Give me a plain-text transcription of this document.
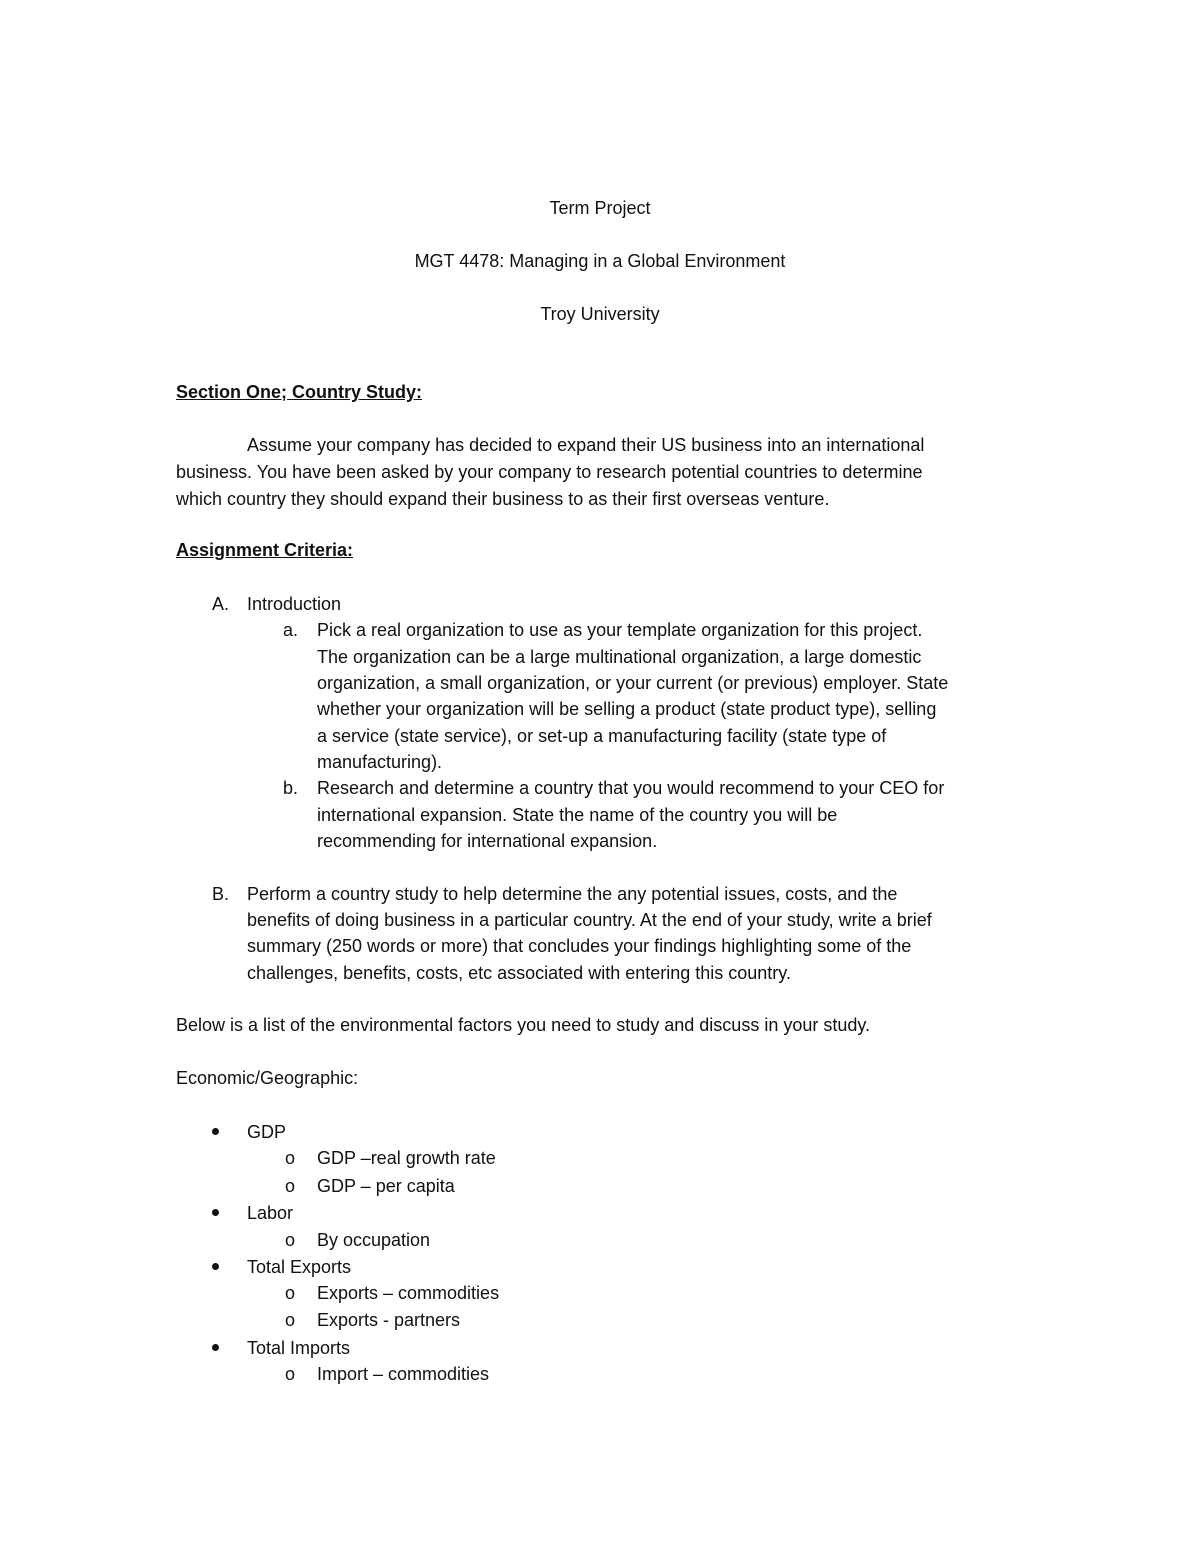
Term Project
MGT 4478: Managing in a Global Environment
Troy University
Section One; Country Study:
Assume your company has decided to expand their US business into an international
business. You have been asked by your company to research potential countries to determine
which country they should expand their business to as their first overseas venture.
Assignment Criteria:
A. Introduction
a. Pick a real organization to use as your template organization for this project.
The organization can be a large multinational organization, a large domestic
organization, a small organization, or your current (or previous) employer. State
whether your organization will be selling a product (state product type), selling
a service (state service), or set-up a manufacturing facility (state type of
manufacturing).
b. Research and determine a country that you would recommend to your CEO for
international expansion. State the name of the country you will be
recommending for international expansion.
B. Perform a country study to help determine the any potential issues, costs, and the
benefits of doing business in a particular country. At the end of your study, write a brief
summary (250 words or more) that concludes your findings highlighting some of the
challenges, benefits, costs, etc associated with entering this country.
Below is a list of the environmental factors you need to study and discuss in your study.
Economic/Geographic:
GDP
o GDP –real growth rate
o GDP – per capita
Labor
o By occupation
Total Exports
o Exports – commodities
o Exports - partners
Total Imports
o Import – commodities
